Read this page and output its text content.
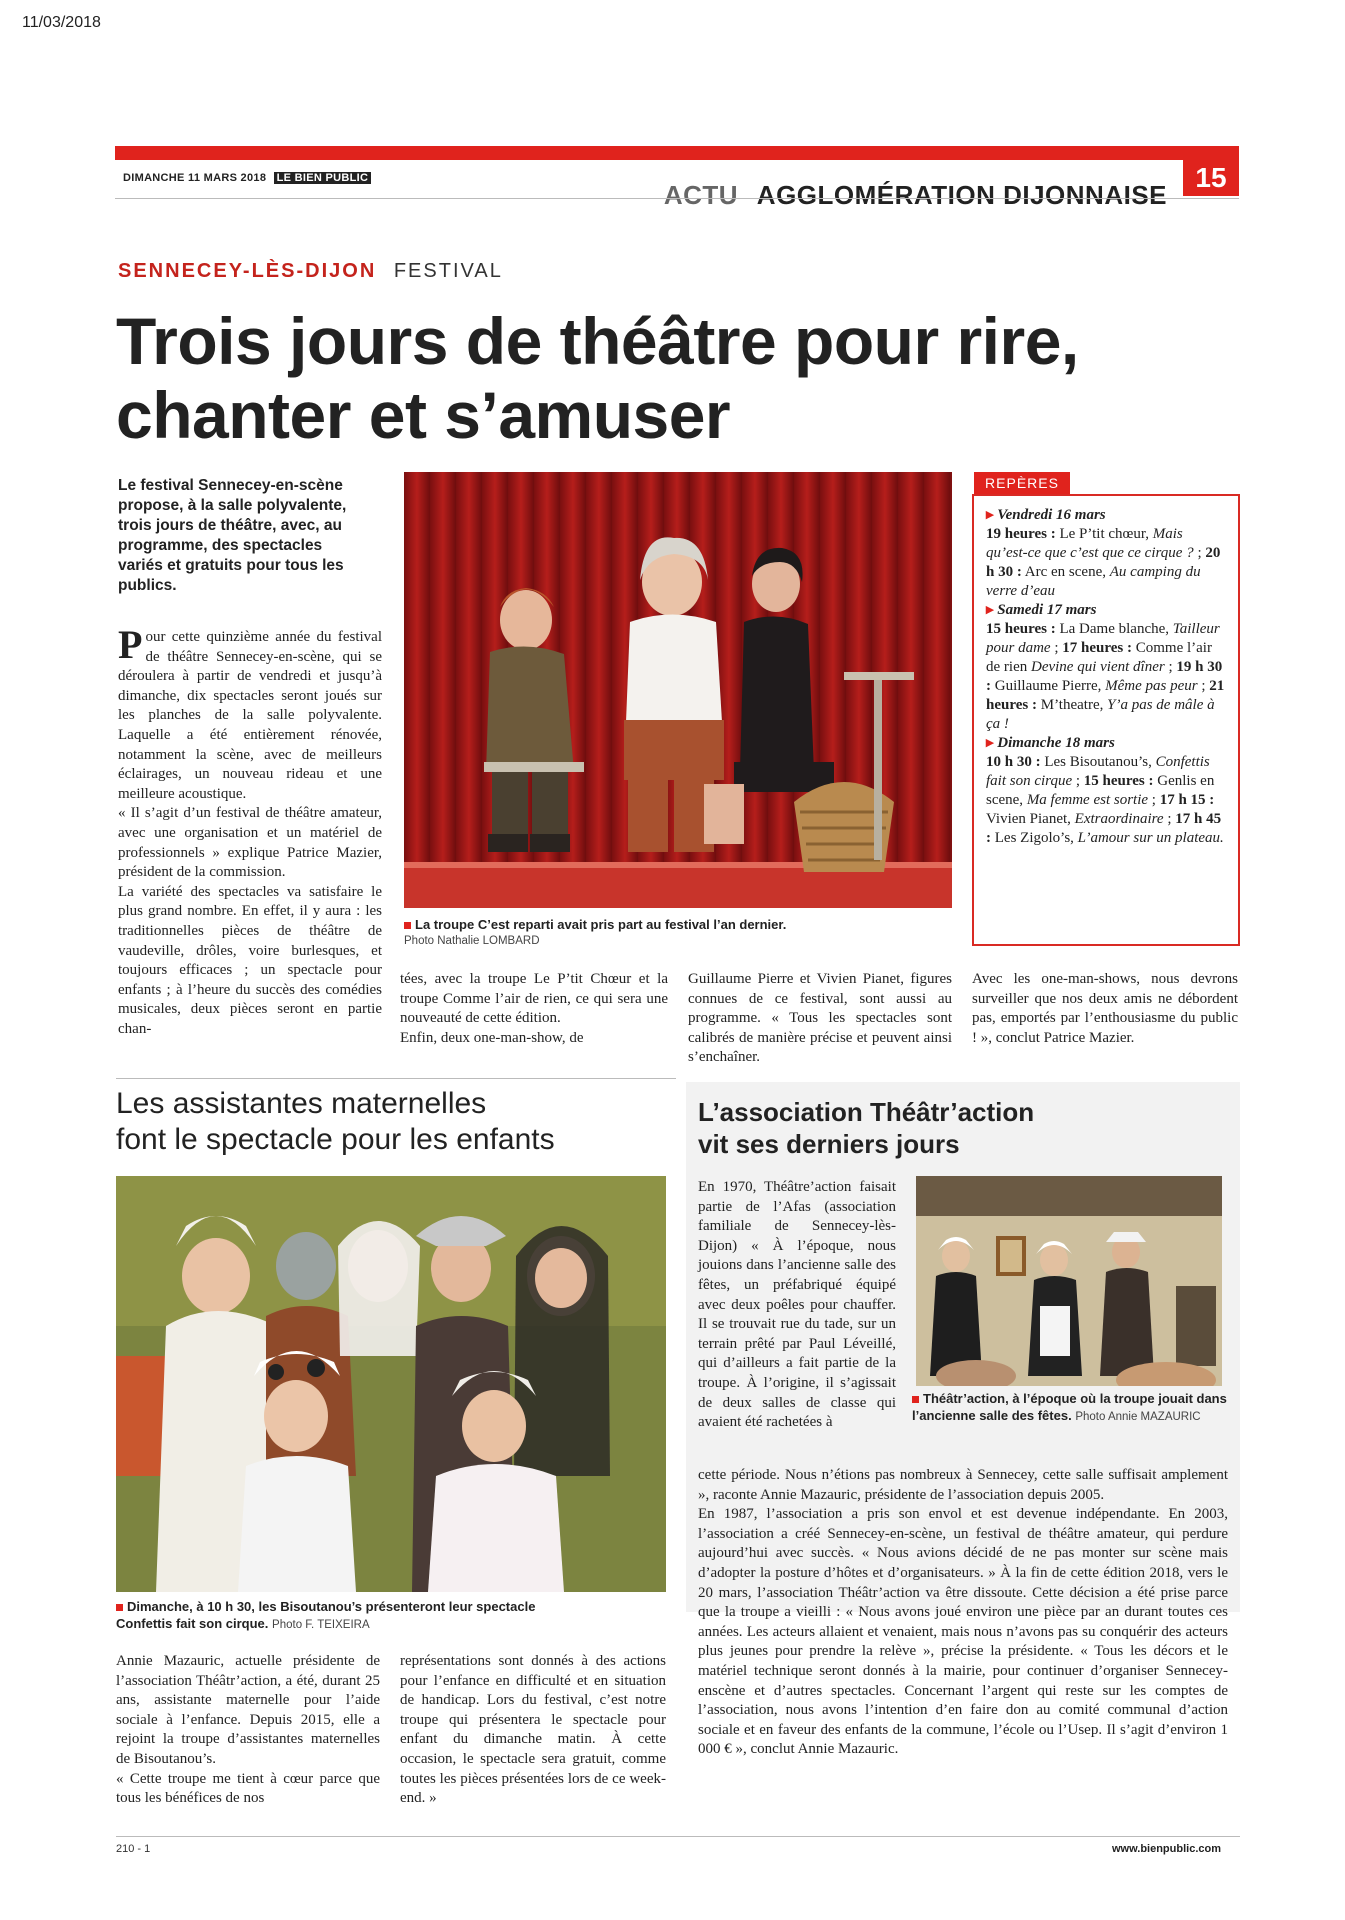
11/03/2018
DIMANCHE 11 MARS 2018 LE BIEN PUBLIC
ACTU AGGLOMÉRATION DIJONNAISE
15
SENNECEY-LÈS-DIJON FESTIVAL
Trois jours de théâtre pour rire,
chanter et s’amuser
Le festival Sennecey-en-scène propose, à la salle polyvalente, trois jours de théâtre, avec, au programme, des spectacles variés et gratuits pour tous les publics.

Pour cette quinzième année du festival de théâtre Sennecey-en-scène, qui se déroulera à partir de vendredi et jusqu’à dimanche, dix spectacles seront joués sur les planches de la salle polyvalente. Laquelle a été entièrement rénovée, notamment la scène, avec de meilleurs éclairages, un nouveau rideau et une meilleure acoustique.

« Il s’agit d’un festival de théâtre amateur, avec une organisation et un matériel de professionnels » explique Patrice Mazier, président de la commission.

La variété des spectacles va satisfaire le plus grand nombre. En effet, il y aura : les traditionnelles pièces de théâtre de vaudeville, drôles, voire burlesques, et toujours efficaces ; un spectacle pour enfants ; à l’heure du succès des comédies musicales, deux pièces seront en partie chan-

La troupe C’est reparti avait pris part au festival l’an dernier.
Photo Nathalie LOMBARD
REPÈRES
▸ Vendredi 16 mars
19 heures : Le P’tit chœur, Mais qu’est-ce que c’est que ce cirque ? ; 20 h 30 : Arc en scene, Au camping du verre d’eau
▸ Samedi 17 mars
15 heures : La Dame blanche, Tailleur pour dame ; 17 heures : Comme l’air de rien Devine qui vient dîner ; 19 h 30 : Guillaume Pierre, Même pas peur ; 21 heures : M’theatre, Y’a pas de mâle à ça !
▸ Dimanche 18 mars
10 h 30 : Les Bisoutanou’s, Confettis fait son cirque ; 15 heures : Genlis en scene, Ma femme est sortie ; 17 h 15 : Vivien Pianet, Extraordinaire ; 17 h 45 : Les Zigolo’s, L’amour sur un plateau.

tées, avec la troupe Le P’tit Chœur et la troupe Comme l’air de rien, ce qui sera une nouveauté de cette édition.

Enfin, deux one-man-show, de

Guillaume Pierre et Vivien Pianet, figures connues de ce festival, sont aussi au programme. « Tous les spectacles sont calibrés de manière précise et peuvent ainsi s’enchaîner.

Avec les one-man-shows, nous devrons surveiller que nos deux amis ne débordent pas, emportés par l’enthousiasme du public ! », conclut Patrice Mazier.

Les assistantes maternelles
font le spectacle pour les enfants
Dimanche, à 10 h 30, les Bisoutanou’s présenteront leur spectacle
Confettis fait son cirque. Photo F. TEIXEIRA

Annie Mazauric, actuelle présidente de l’association Théâtr’action, a été, durant 25 ans, assistante maternelle pour l’aide sociale à l’enfance. Depuis 2015, elle a rejoint la troupe d’assistantes maternelles de Bisoutanou’s.

« Cette troupe me tient à cœur parce que tous les bénéfices de nos

représentations sont donnés à des actions pour l’enfance en difficulté et en situation de handicap. Lors du festival, c’est notre troupe qui présentera le spectacle pour enfant du dimanche matin. À cette occasion, le spectacle sera gratuit, comme toutes les pièces présentées lors de ce week-end. »

L’association Théâtr’action
vit ses derniers jours

En 1970, Théâtre’action faisait partie de l’Afas (association familiale de Sennecey-lès-Dijon) « À l’époque, nous jouions dans l’ancienne salle des fêtes, un préfabriqué équipé avec deux poêles pour chauffer. Il se trouvait rue du tade, sur un terrain prêté par Paul Léveillé, qui d’ailleurs a fait partie de la troupe. À l’origine, il s’agissait de deux salles de classe qui avaient été rachetées à

Théâtr’action, à l’époque où la troupe jouait dans l’ancienne salle des fêtes. Photo Annie MAZAURIC

cette période. Nous n’étions pas nombreux à Sennecey, cette salle suffisait amplement », raconte Annie Mazauric, présidente de l’association depuis 2005.

En 1987, l’association a pris son envol et est devenue indépendante. En 2003, l’association a créé Sennecey-en-scène, un festival de théâtre amateur, qui perdure aujourd’hui avec succès. « Nous avions décidé de ne pas monter sur scène mais d’adopter la posture d’hôtes et d’organisateurs. » À la fin de cette édition 2018, vers le 20 mars, l’association Théâtr’action va être dissoute. Cette décision a été prise parce que la troupe a vieilli : « Nous avons joué environ une pièce par an durant toutes ces années. Les acteurs allaient et venaient, mais nous n’avons pas su conquérir des acteurs plus jeunes pour prendre la relève », précise la présidente. « Tous les décors et le matériel technique seront donnés à la mairie, pour continuer d’organiser Sennecey-enscène et d’autres spectacles. Concernant l’argent qui reste sur les comptes de l’association, nous avons l’intention d’en faire don au comité communal d’action sociale et en faveur des enfants de la commune, l’école ou l’Usep. Il s’agit d’environ 1 000 € », conclut Annie Mazauric.

210 - 1	www.bienpublic.com
